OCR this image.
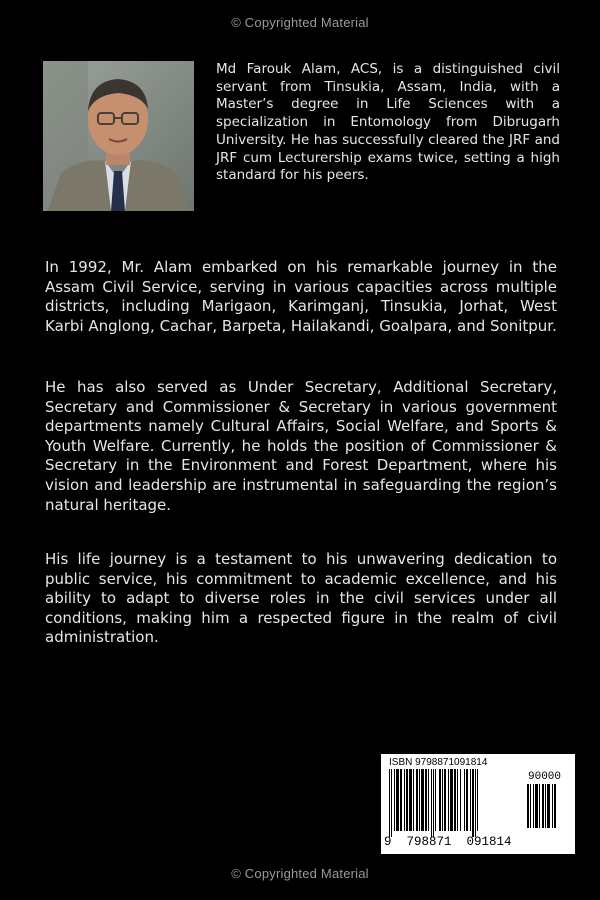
© Copyrighted Material

Md Farouk Alam, ACS, is a distinguished civil servant from Tinsukia, Assam, India, with a Master’s degree in Life Sciences with a specialization in Entomology from Dibrugarh University. He has successfully cleared the JRF and JRF cum Lecturership exams twice, setting a high standard for his peers.

In 1992, Mr. Alam embarked on his remarkable journey in the Assam Civil Service, serving in various capacities across multiple districts, including Marigaon, Karimganj, Tinsukia, Jorhat, West Karbi Anglong, Cachar, Barpeta, Hailakandi, Goalpara, and Sonitpur.

He has also served as Under Secretary, Additional Secretary, Secretary and Commissioner & Secretary in various government departments namely Cultural Affairs, Social Welfare, and Sports & Youth Welfare. Currently, he holds the position of Commissioner & Secretary in the Environment and Forest Department, where his vision and leadership are instrumental in safeguarding the region’s natural heritage.

His life journey is a testament to his unwavering dedication to public service, his commitment to academic excellence, and his ability to adapt to diverse roles in the civil services under all conditions, making him a respected figure in the realm of civil administration.

ISBN 9798871091814
90000
9  798871  091814
© Copyrighted Material
